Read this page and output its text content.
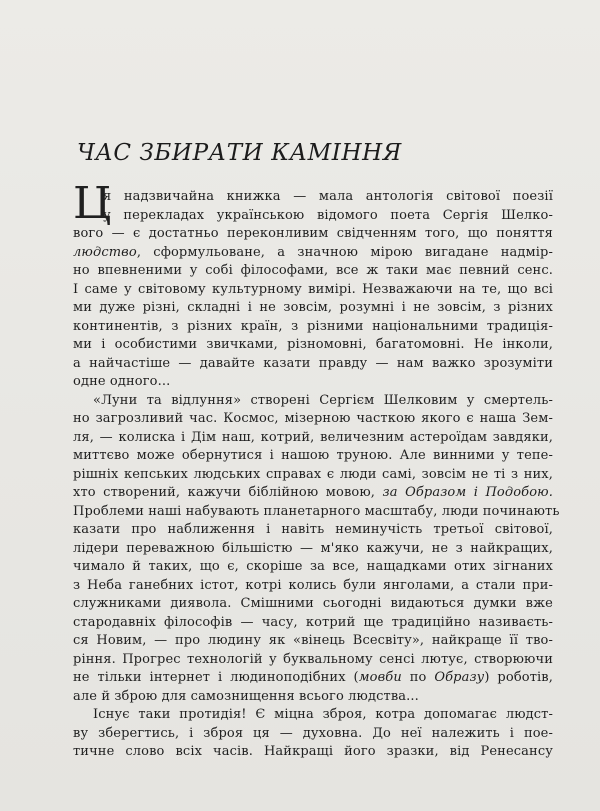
ЧАС ЗБИРАТИ КАМІННЯ
Ц
я надзвичайна книжка — мала антологія світової поезії
у перекладах українською відомого поета Сергія Шелко-
вого — є достатньо переконливим свідченням того, що поняття
людство, сформульоване, а значною мірою вигадане надмір-
но впевненими у собі філософами, все ж таки має певний сенс.
І саме у світовому культурному вимірі. Незважаючи на те, що всі
ми дуже різні, складні і не зовсім, розумні і не зовсім, з різних
континентів, з різних країн, з різними національними традиція-
ми і особистими звичками, різномовні, багатомовні. Не інколи,
а найчастіше — давайте казати правду — нам важко зрозуміти
одне одного...
«Луни та відлуння» створені Сергієм Шелковим у смертель-
но загрозливий час. Космос, мізерною часткою якого є наша Зем-
ля, — колиска і Дім наш, котрий, величезним астероїдам завдяки,
миттєво може обернутися і нашою труною. Але винними у тепе-
рішніх кепських людських справах є люди самі, зовсім не ті з них,
хто створений, кажучи біблійною мовою, за Образом і Подобою.
Проблеми наші набувають планетарного масштабу, люди починають
казати про наближення і навіть неминучість третьої світової,
лідери переважною більшістю — м'яко кажучи, не з найкращих,
чимало й таких, що є, скоріше за все, нащадками отих зігнаних
з Неба ганебних істот, котрі колись були янголами, а стали при-
служниками диявола. Смішними сьогодні видаються думки вже
стародавніх філософів — часу, котрий ще традиційно називаєть-
ся Новим, — про людину як «вінець Всесвіту», найкраще її тво-
ріння. Прогрес технологій у буквальному сенсі лютує, створюючи
не тільки інтернет і людиноподібних (мовби по Образу) роботів,
але й зброю для самознищення всього людства...
Існує таки протидія! Є міцна зброя, котра допомагає людст-
ву зберегтись, і зброя ця — духовна. До неї належить і пое-
тичне слово всіх часів. Найкращі його зразки, від Ренесансу
